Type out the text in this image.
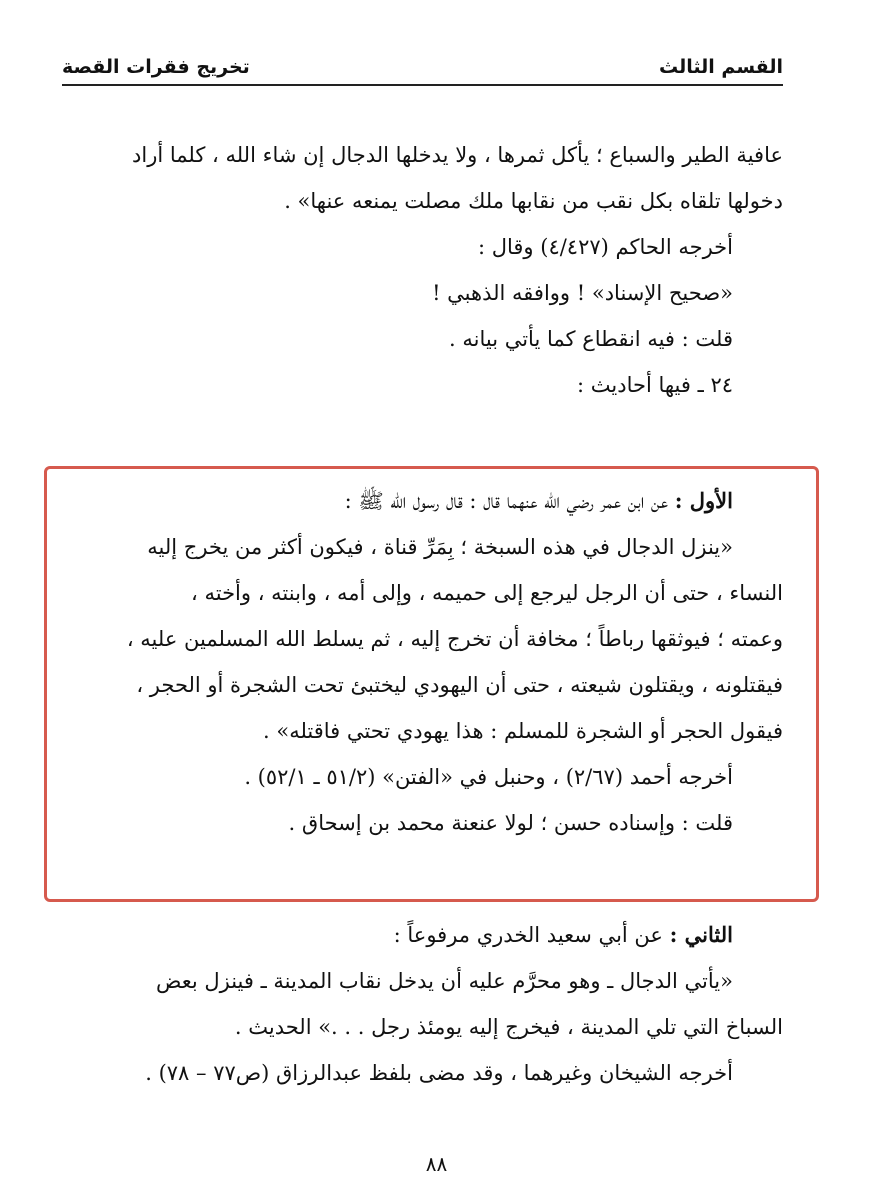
تخريج فقرات القصة	القسم الثالث
عافية الطير والسباع ؛ يأكل ثمرها ، ولا يدخلها الدجال إن شاء الله ، كلما أراد
دخولها تلقاه بكل نقب من نقابها ملك مصلت يمنعه عنها» .
أخرجه الحاكم (٤/٤٢٧) وقال :
«صحيح الإسناد» ! ووافقه الذهبي !
قلت : فيه انقطاع كما يأتي بيانه .
٢٤ ـ فيها أحاديث :
الأول : عن ابن عمر رضي الله عنهما قال : قال رسول الله ﷺ :
«ينزل الدجال في هذه السبخة ؛ بِمَرِّ قناة ، فيكون أكثر من يخرج إليه
النساء ، حتى أن الرجل ليرجع إلى حميمه ، وإلى أمه ، وابنته ، وأخته ،
وعمته ؛ فيوثقها رباطاً ؛ مخافة أن تخرج إليه ، ثم يسلط الله المسلمين عليه ،
فيقتلونه ، ويقتلون شيعته ، حتى أن اليهودي ليختبئ تحت الشجرة أو الحجر ،
فيقول الحجر أو الشجرة للمسلم : هذا يهودي تحتي فاقتله» .
أخرجه أحمد (٢/٦٧) ، وحنبل في «الفتن» (٥١/٢ ـ ٥٢/١) .
قلت : وإسناده حسن ؛ لولا عنعنة محمد بن إسحاق .
الثاني : عن أبي سعيد الخدري مرفوعاً :
«يأتي الدجال ـ وهو محرَّم عليه أن يدخل نقاب المدينة ـ فينزل بعض
السباخ التي تلي المدينة ، فيخرج إليه يومئذ رجل . . .» الحديث .
أخرجه الشيخان وغيرهما ، وقد مضى بلفظ عبدالرزاق (ص٧٧ – ٧٨) .
٨٨
